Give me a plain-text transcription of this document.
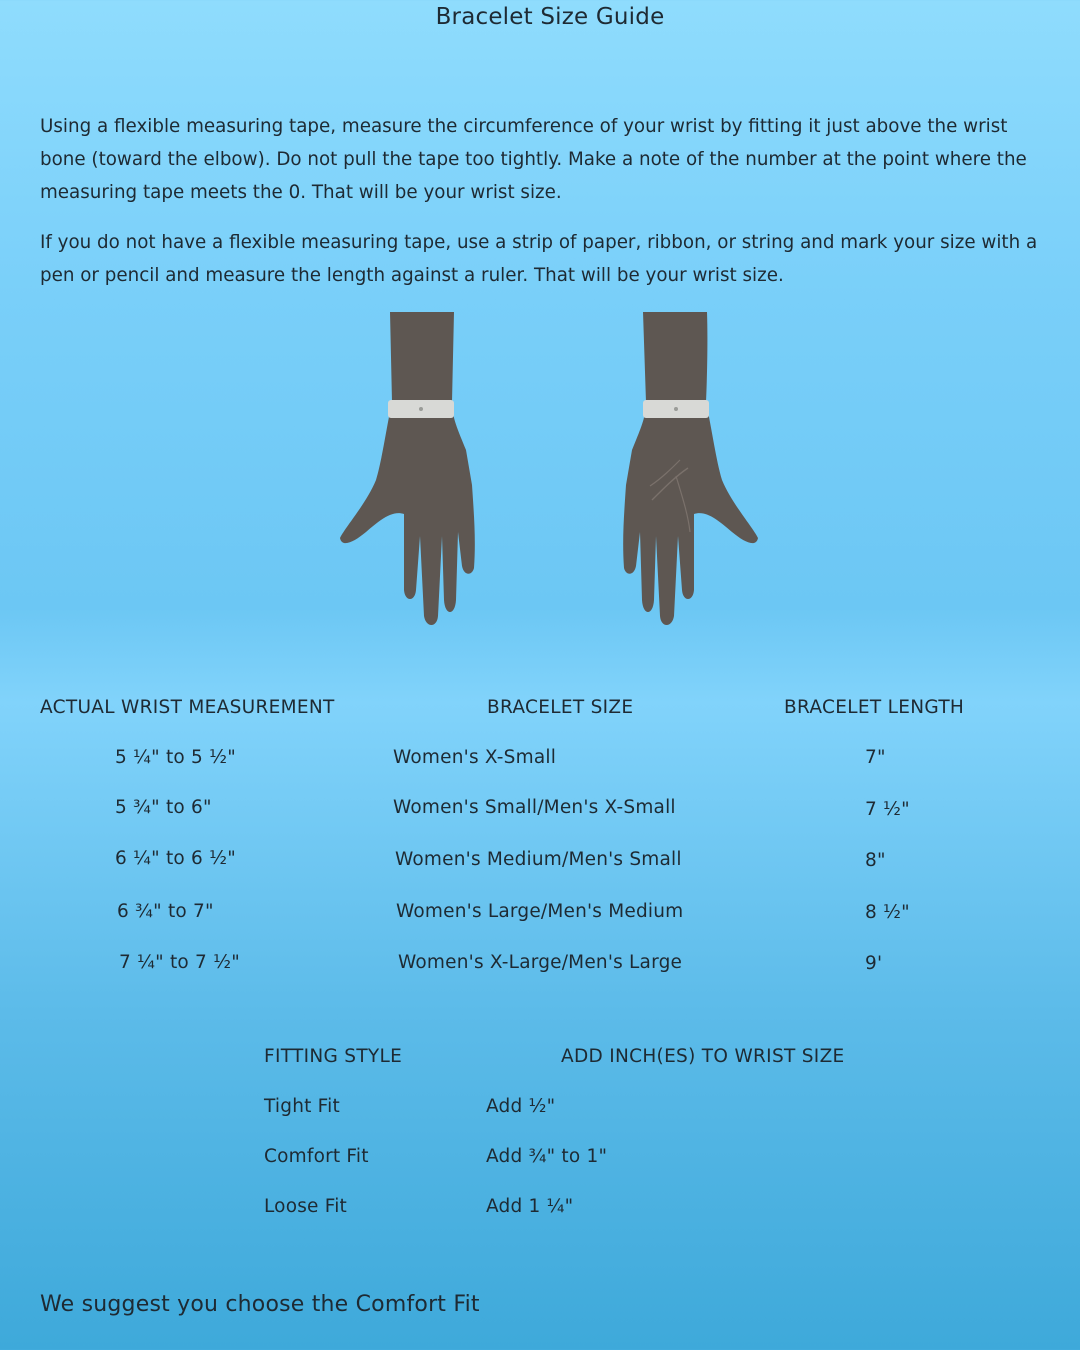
Bracelet Size Guide

Using a flexible measuring tape, measure the circumference of your wrist by fitting it just above the wrist bone (toward the elbow). Do not pull the tape too tightly. Make a note of the number at the point where the measuring tape meets the 0. That will be your wrist size.

If you do not have a flexible measuring tape, use a strip of paper, ribbon, or string and mark your size with a pen or pencil and measure the length against a ruler. That will be your wrist size.

ACTUAL WRIST MEASUREMENT	BRACELET SIZE	BRACELET LENGTH
5 ¼" to 5 ½"	Women's X-Small	7"
5 ¾" to 6"	Women's Small/Men's X-Small	7 ½"
6 ¼" to 6 ½"	Women's Medium/Men's Small	8"
6 ¾" to 7"	Women's Large/Men's Medium	8 ½"
7 ¼" to 7 ½"	Women's X-Large/Men's Large	9'
FITTING STYLE	ADD INCH(ES) TO WRIST SIZE
Tight Fit	Add ½"
Comfort Fit	Add ¾" to 1"
Loose Fit	Add 1 ¼"
We suggest you choose the Comfort Fit
